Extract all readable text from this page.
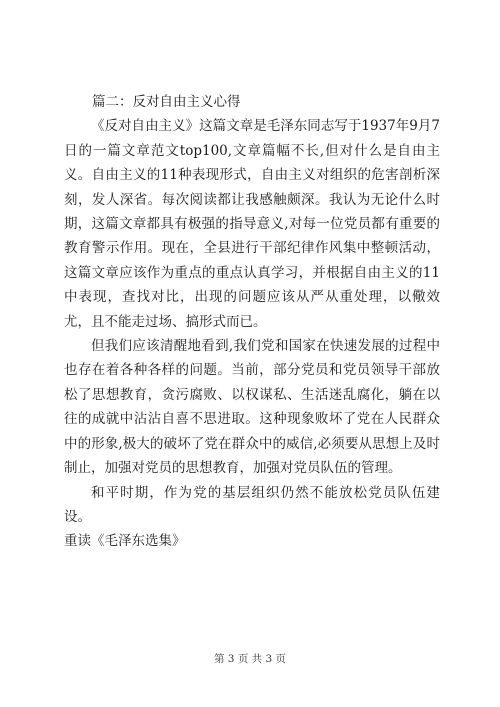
篇二：反对自由主义心得

《反对自由主义》这篇文章是毛泽东同志写于1937年9月7日的一篇文章范文top100,文章篇幅不长,但对什么是自由主义。自由主义的11种表现形式，自由主义对组织的危害剖析深刻，发人深省。每次阅读都让我感触颇深。我认为无论什么时期，这篇文章都具有极强的指导意义,对每一位党员都有重要的教育警示作用。现在，全县进行干部纪律作风集中整顿活动，这篇文章应该作为重点的重点认真学习，并根据自由主义的11中表现，查找对比，出现的问题应该从严从重处理，以儆效尤，且不能走过场、搞形式而已。

但我们应该清醒地看到,我们党和国家在快速发展的过程中也存在着各种各样的问题。当前，部分党员和党员领导干部放松了思想教育，贪污腐败、以权谋私、生活迷乱腐化，躺在以往的成就中沾沾自喜不思进取。这种现象败坏了党在人民群众中的形象,极大的破坏了党在群众中的威信,必须要从思想上及时制止，加强对党员的思想教育，加强对党员队伍的管理。

和平时期，作为党的基层组织仍然不能放松党员队伍建设。

重读《毛泽东选集》

第 3 页 共 3 页
